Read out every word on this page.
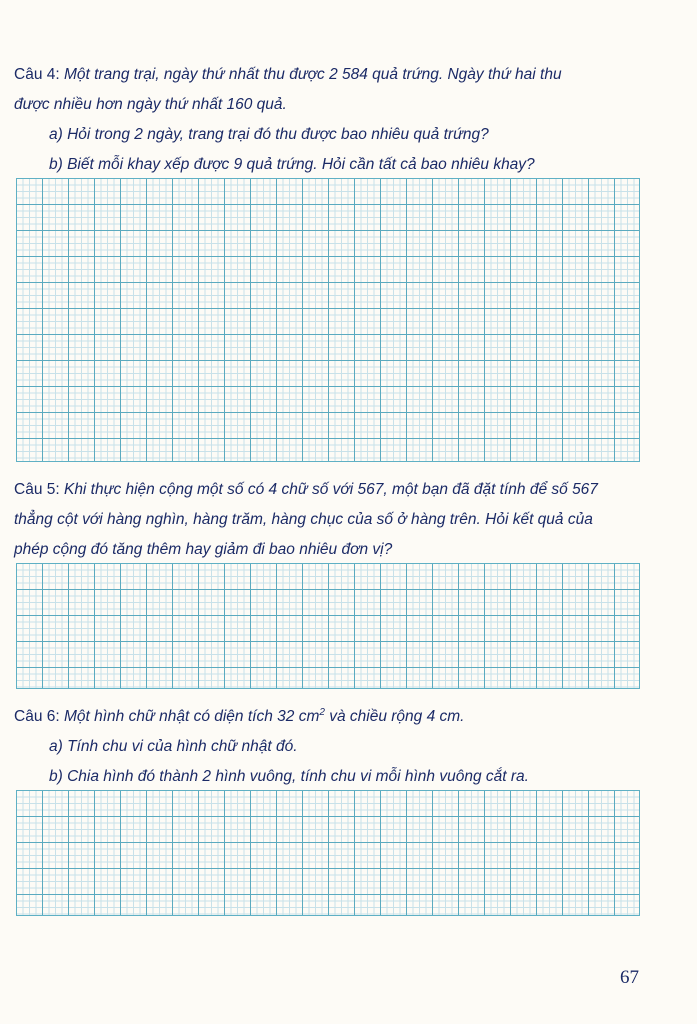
Câu 4: Một trang trại, ngày thứ nhất thu được 2 584 quả trứng. Ngày thứ hai thu
được nhiều hơn ngày thứ nhất 160 quả.
a) Hỏi trong 2 ngày, trang trại đó thu được bao nhiêu quả trứng?
b) Biết mỗi khay xếp được 9 quả trứng. Hỏi cần tất cả bao nhiêu khay?
Câu 5: Khi thực hiện cộng một số có 4 chữ số với 567, một bạn đã đặt tính để số 567
thẳng cột với hàng nghìn, hàng trăm, hàng chục của số ở hàng trên. Hỏi kết quả của
phép cộng đó tăng thêm hay giảm đi bao nhiêu đơn vị?
Câu 6: Một hình chữ nhật có diện tích 32 $cm^2$ và chiều rộng 4 cm.
a) Tính chu vi của hình chữ nhật đó.
b) Chia hình đó thành 2 hình vuông, tính chu vi mỗi hình vuông cắt ra.
67
